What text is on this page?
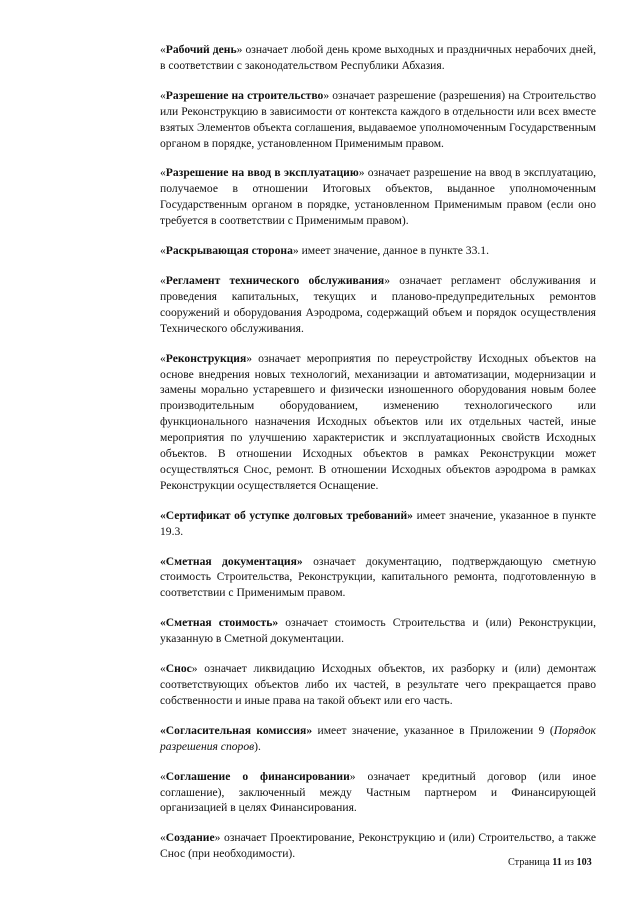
«Рабочий день» означает любой день кроме выходных и праздничных нерабочих дней, в соответствии с законодательством Республики Абхазия.

«Разрешение на строительство» означает разрешение (разрешения) на Строительство или Реконструкцию в зависимости от контекста каждого в отдельности или всех вместе взятых Элементов объекта соглашения, выдаваемое уполномоченным Государственным органом в порядке, установленном Применимым правом.

«Разрешение на ввод в эксплуатацию» означает разрешение на ввод в эксплуатацию, получаемое в отношении Итоговых объектов, выданное уполномоченным Государственным органом в порядке, установленном Применимым правом (если оно требуется в соответствии с Применимым правом).

«Раскрывающая сторона» имеет значение, данное в пункте 33.1.

«Регламент технического обслуживания» означает регламент обслуживания и проведения капитальных, текущих и планово-предупредительных ремонтов сооружений и оборудования Аэродрома, содержащий объем и порядок осуществления Технического обслуживания.

«Реконструкция» означает мероприятия по переустройству Исходных объектов на основе внедрения новых технологий, механизации и автоматизации, модернизации и замены морально устаревшего и физически изношенного оборудования новым более производительным оборудованием, изменению технологического или функционального назначения Исходных объектов или их отдельных частей, иные мероприятия по улучшению характеристик и эксплуатационных свойств Исходных объектов. В отношении Исходных объектов в рамках Реконструкции может осуществляться Снос, ремонт. В отношении Исходных объектов аэродрома в рамках Реконструкции осуществляется Оснащение.

«Сертификат об уступке долговых требований» имеет значение, указанное в пункте 19.3.

«Сметная документация» означает документацию, подтверждающую сметную стоимость Строительства, Реконструкции, капитального ремонта, подготовленную в соответствии с Применимым правом.

«Сметная стоимость» означает стоимость Строительства и (или) Реконструкции, указанную в Сметной документации.

«Снос» означает ликвидацию Исходных объектов, их разборку и (или) демонтаж соответствующих объектов либо их частей, в результате чего прекращается право собственности и иные права на такой объект или его часть.

«Согласительная комиссия» имеет значение, указанное в Приложении 9 (Порядок разрешения споров).

«Соглашение о финансировании» означает кредитный договор (или иное соглашение), заключенный между Частным партнером и Финансирующей организацией в целях Финансирования.

«Создание» означает Проектирование, Реконструкцию и (или) Строительство, а также Снос (при необходимости).

Страница 11 из 103
